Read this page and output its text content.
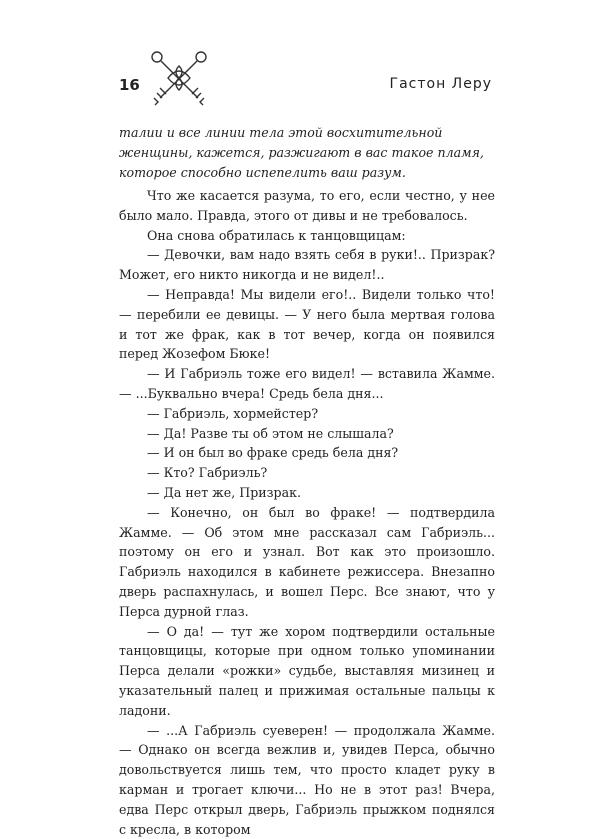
16	Гастон Леру

талии и все линии тела этой восхитительной женщины, кажется, разжигают в вас такое пламя, которое способно испепелить ваш разум.

Что же касается разума, то его, если честно, у нее было мало. Правда, этого от дивы и не требовалось.

Она снова обратилась к танцовщицам:

— Девочки, вам надо взять себя в руки!.. Призрак? Может, его никто никогда и не видел!..

— Неправда! Мы видели его!.. Видели только что! — перебили ее девицы. — У него была мертвая голова и тот же фрак, как в тот вечер, когда он появился перед Жозефом Бюке!

— И Габриэль тоже его видел! — вставила Жамме. — ...Буквально вчера! Средь бела дня...

— Габриэль, хормейстер?

— Да! Разве ты об этом не слышала?

— И он был во фраке средь бела дня?

— Кто? Габриэль?

— Да нет же, Призрак.

— Конечно, он был во фраке! — подтвердила Жамме. — Об этом мне рассказал сам Габриэль... поэтому он его и узнал. Вот как это произошло. Габриэль находился в кабинете режиссера. Внезапно дверь распахнулась, и вошел Перс. Все знают, что у Перса дурной глаз.

— О да! — тут же хором подтвердили остальные танцовщицы, которые при одном только упоминании Перса делали «рожки» судьбе, выставляя мизинец и указательный палец и прижимая остальные пальцы к ладони.

— ...А Габриэль суеверен! — продолжала Жамме. — Однако он всегда вежлив и, увидев Перса, обычно довольствуется лишь тем, что просто кладет руку в карман и трогает ключи... Но не в этот раз! Вчера, едва Перс открыл дверь, Габриэль прыжком поднялся с кресла, в котором
